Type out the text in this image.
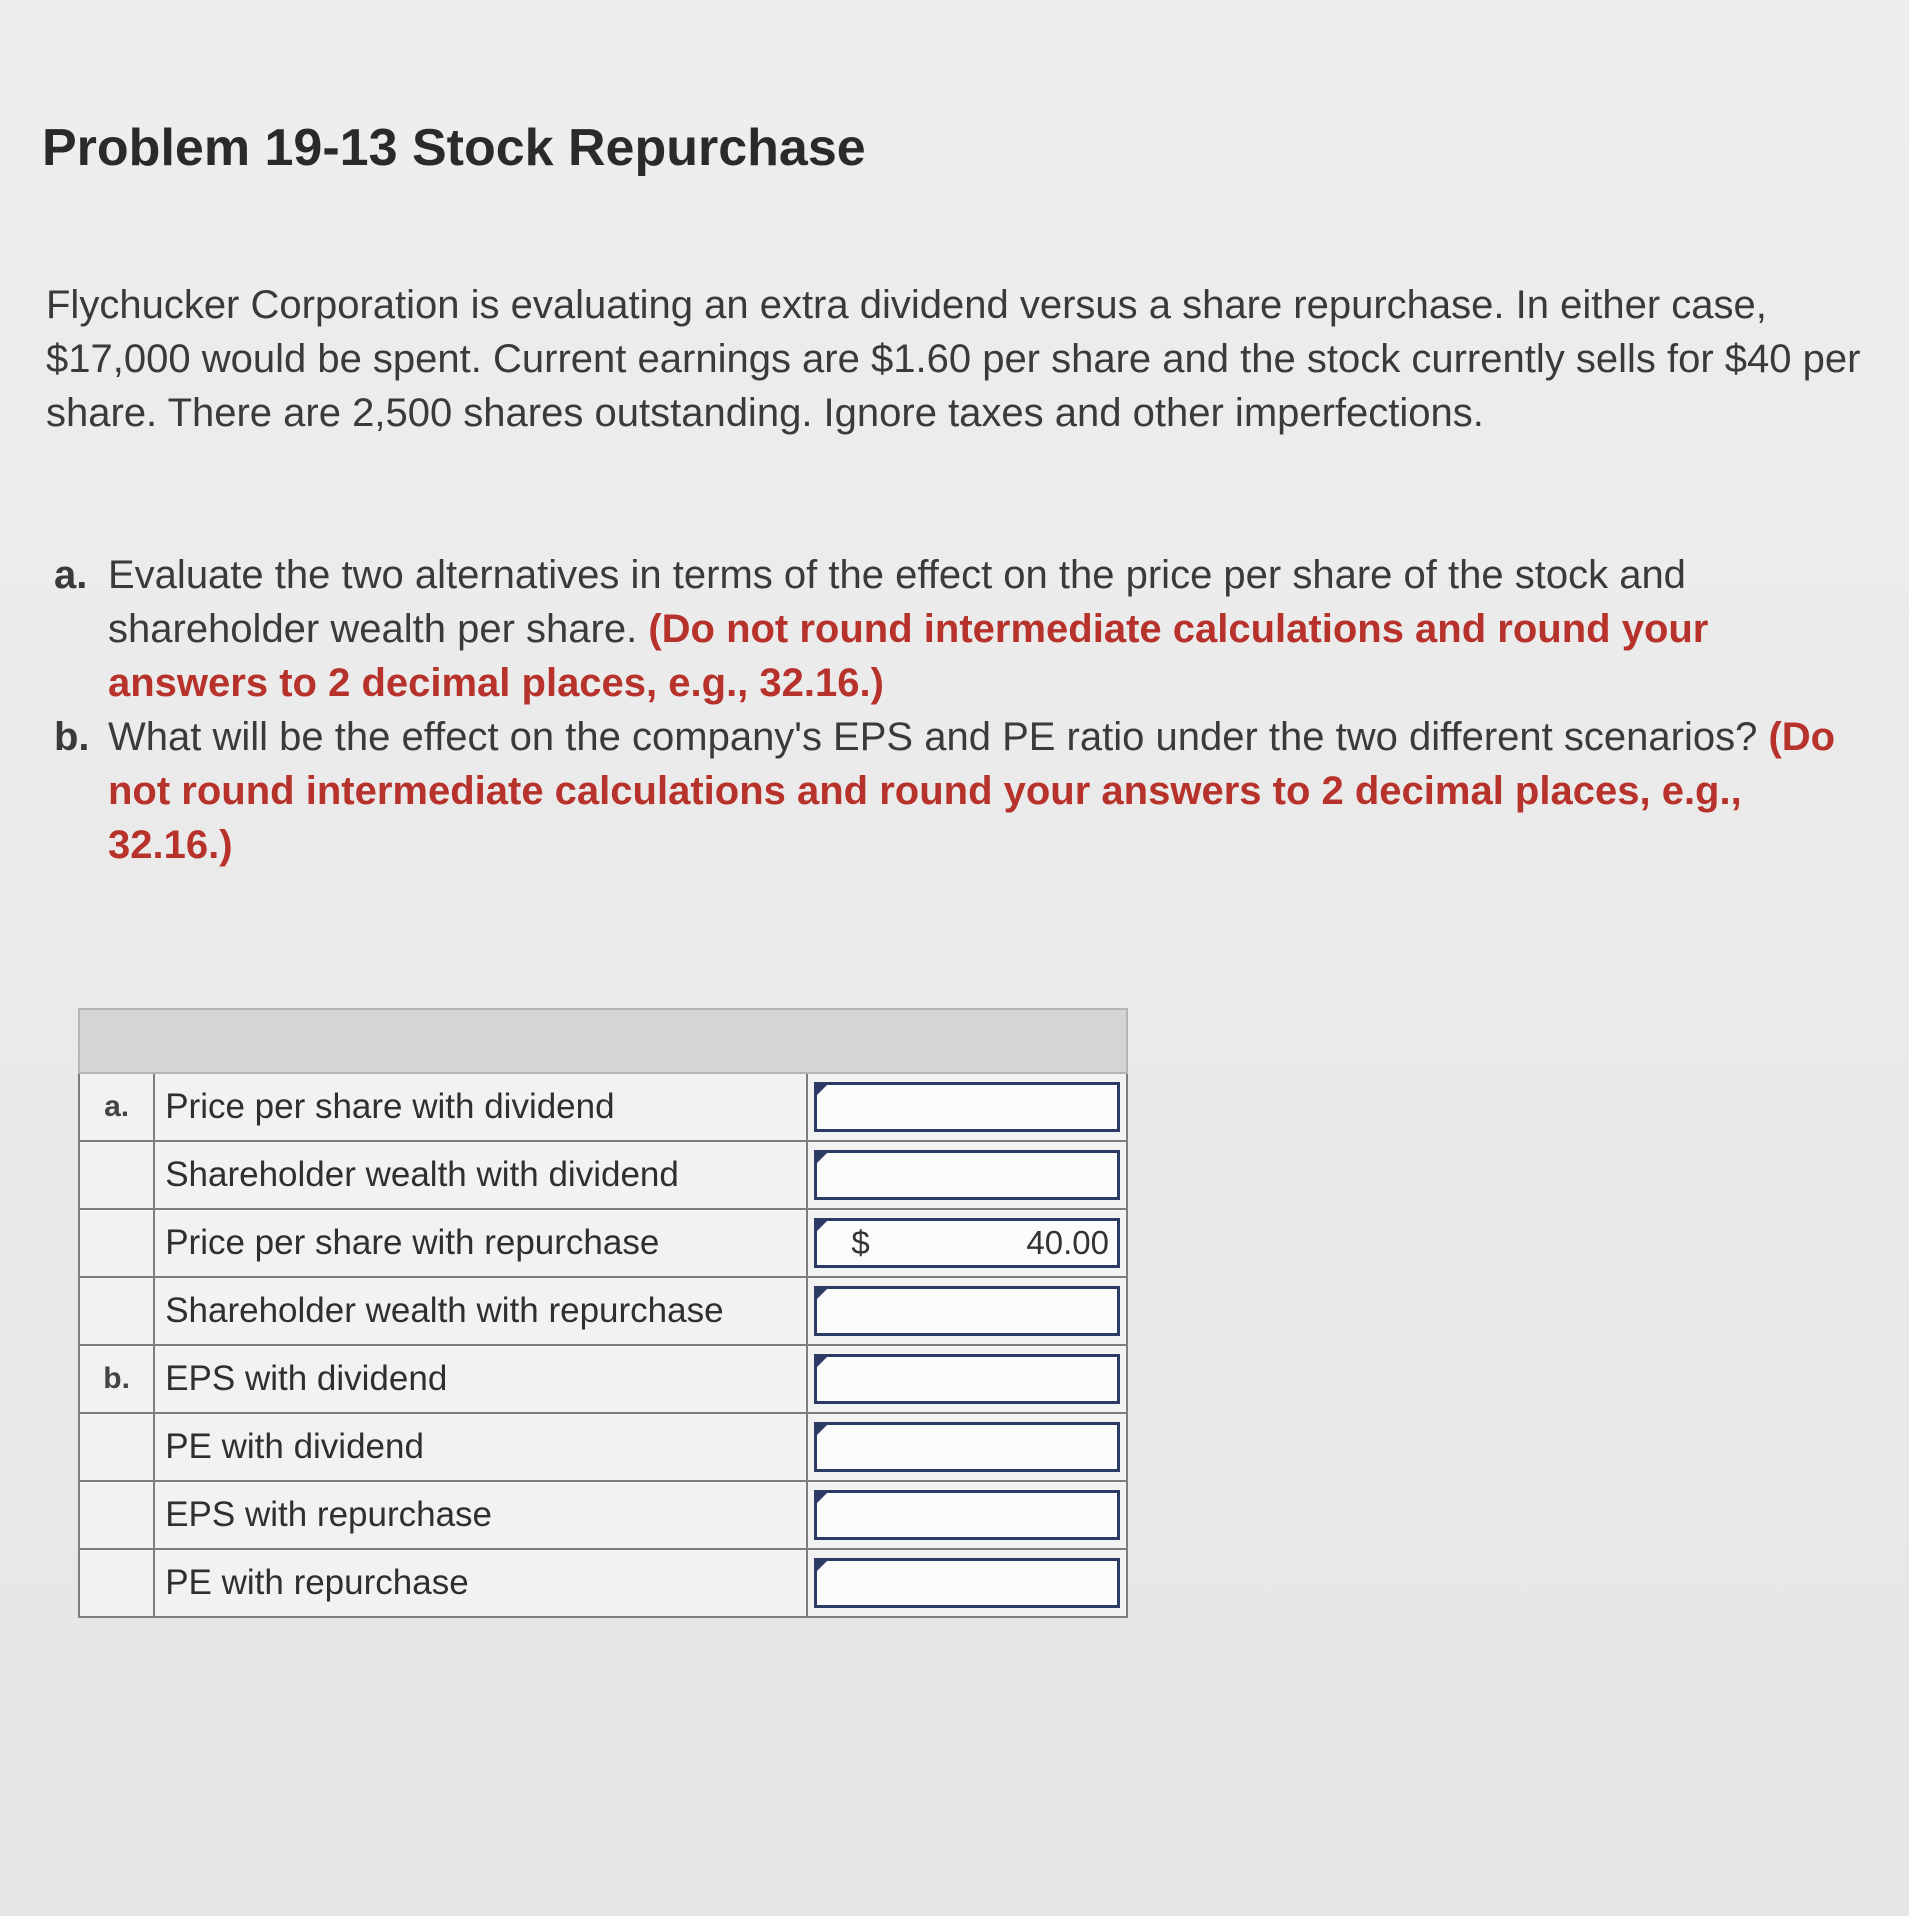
Problem 19-13 Stock Repurchase

Flychucker Corporation is evaluating an extra dividend versus a share repurchase. In either case, $17,000 would be spent. Current earnings are $1.60 per share and the stock currently sells for $40 per share. There are 2,500 shares outstanding. Ignore taxes and other imperfections.

a. Evaluate the two alternatives in terms of the effect on the price per share of the stock and shareholder wealth per share. (Do not round intermediate calculations and round your answers to 2 decimal places, e.g., 32.16.)
b. What will be the effect on the company's EPS and PE ratio under the two different scenarios? (Do not round intermediate calculations and round your answers to 2 decimal places, e.g., 32.16.)

a.	Price per share with dividend	

	Shareholder wealth with dividend	

	Price per share with repurchase	$ 40.00

	Shareholder wealth with repurchase	

b.	EPS with dividend	

	PE with dividend	

	EPS with repurchase	

	PE with repurchase	
